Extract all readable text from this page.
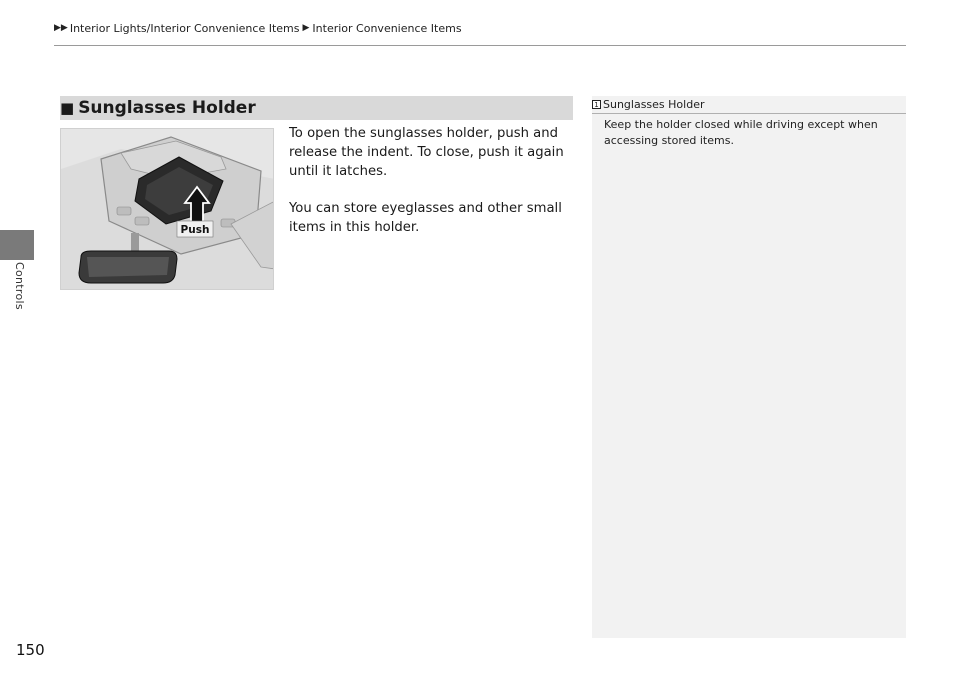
▶▶ Interior Lights/Interior Convenience Items ▶ Interior Convenience Items
Controls
150
■ Sunglasses Holder
Push

To open the sunglasses holder, push and release the indent. To close, push it again until it latches.

You can store eyeglasses and other small items in this holder.

1 Sunglasses Holder
Keep the holder closed while driving except when accessing stored items.
